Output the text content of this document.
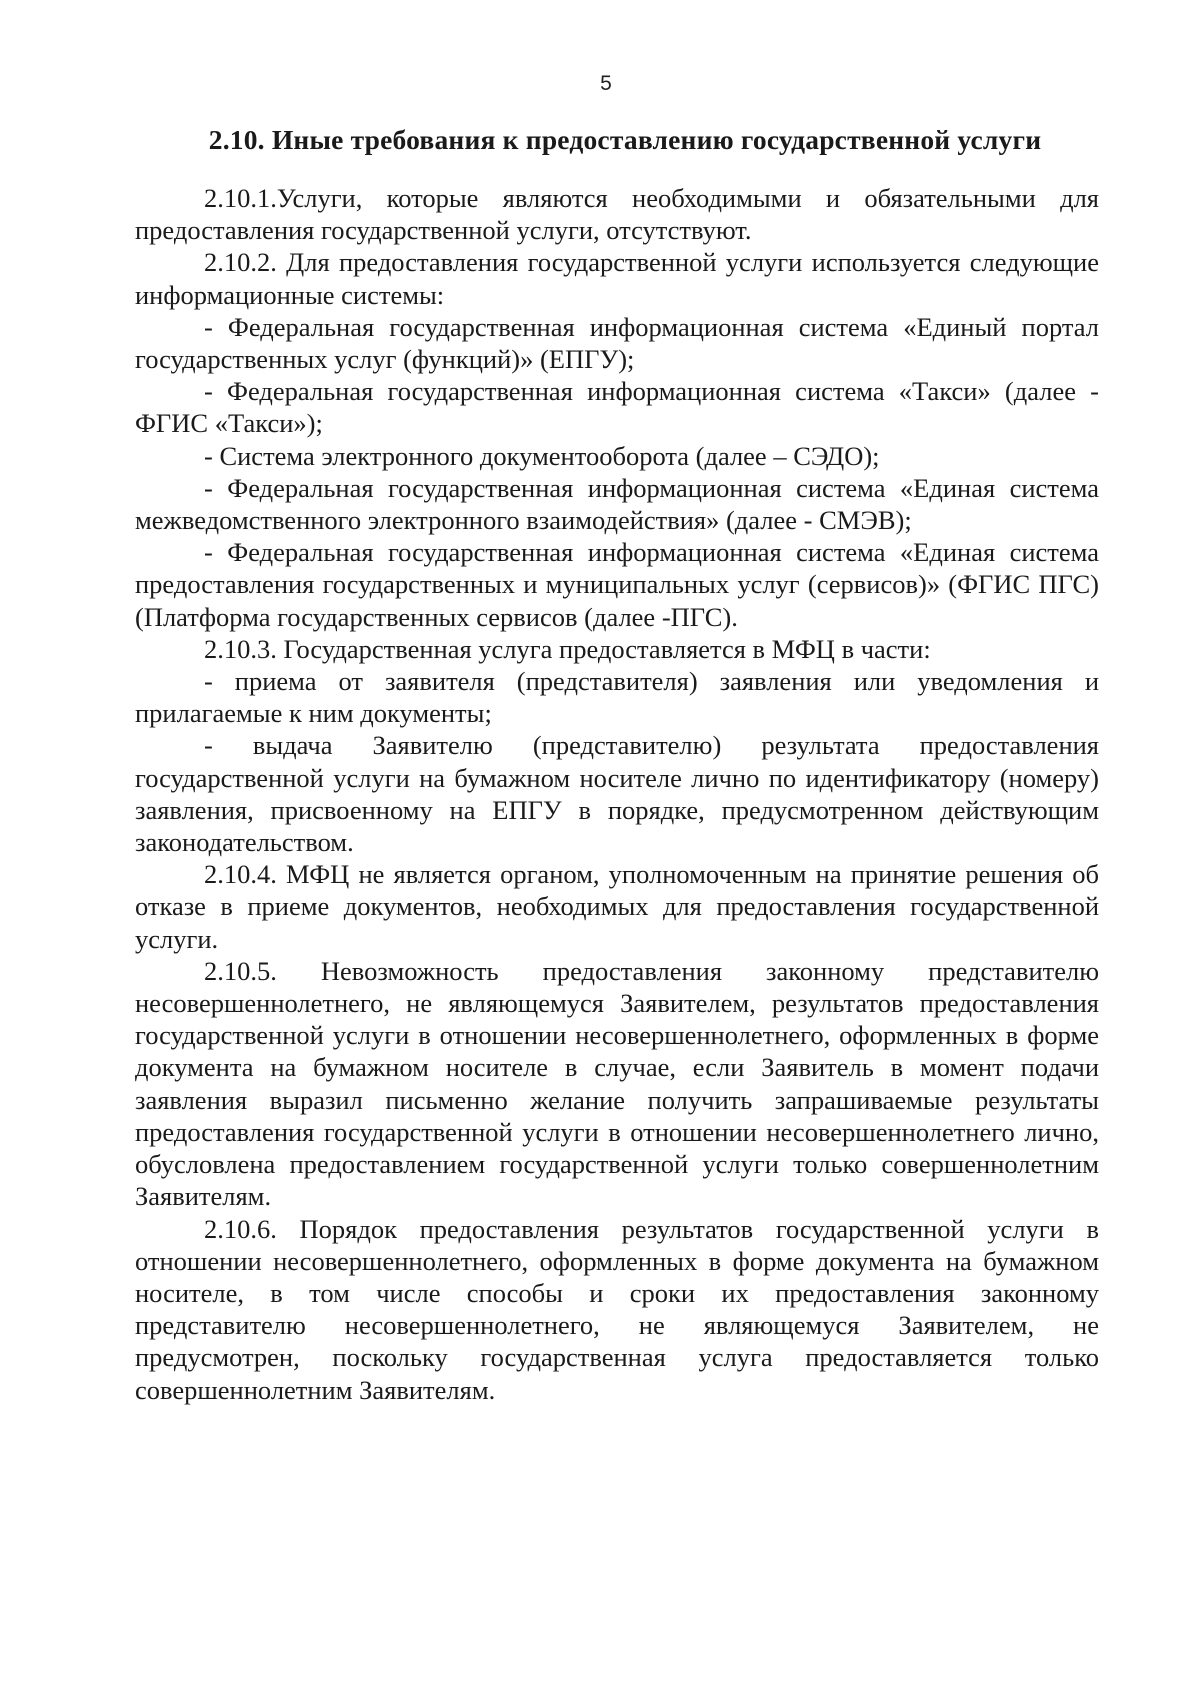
5
2.10. Иные требования к предоставлению государственной услуги

2.10.1.Услуги, которые являются необходимыми и обязательными для предоставления государственной услуги, отсутствуют.

2.10.2. Для предоставления государственной услуги используется следующие информационные системы:

- Федеральная государственная информационная система «Единый портал государственных услуг (функций)» (ЕПГУ);

- Федеральная государственная информационная система «Такси» (далее - ФГИС «Такси»);

- Система электронного документооборота (далее – СЭДО);

- Федеральная государственная информационная система «Единая система межведомственного электронного взаимодействия» (далее - СМЭВ);

- Федеральная государственная информационная система «Единая система предоставления государственных и муниципальных услуг (сервисов)» (ФГИС ПГС) (Платформа государственных сервисов (далее -ПГС).

2.10.3. Государственная услуга предоставляется в МФЦ в части:

- приема от заявителя (представителя) заявления или уведомления и прилагаемые к ним документы;

- выдача Заявителю (представителю) результата предоставления государственной услуги на бумажном носителе лично по идентификатору (номеру) заявления, присвоенному на ЕПГУ в порядке, предусмотренном действующим законодательством.

2.10.4. МФЦ не является органом, уполномоченным на принятие решения об отказе в приеме документов, необходимых для предоставления государственной услуги.

2.10.5. Невозможность предоставления законному представителю несовершеннолетнего, не являющемуся Заявителем, результатов предоставления государственной услуги в отношении несовершеннолетнего, оформленных в форме документа на бумажном носителе в случае, если Заявитель в момент подачи заявления выразил письменно желание получить запрашиваемые результаты предоставления государственной услуги в отношении несовершеннолетнего лично, обусловлена предоставлением государственной услуги только совершеннолетним Заявителям.

2.10.6. Порядок предоставления результатов государственной услуги в отношении несовершеннолетнего, оформленных в форме документа на бумажном носителе, в том числе способы и сроки их предоставления законному представителю несовершеннолетнего, не являющемуся Заявителем, не предусмотрен, поскольку государственная услуга предоставляется только совершеннолетним Заявителям.
